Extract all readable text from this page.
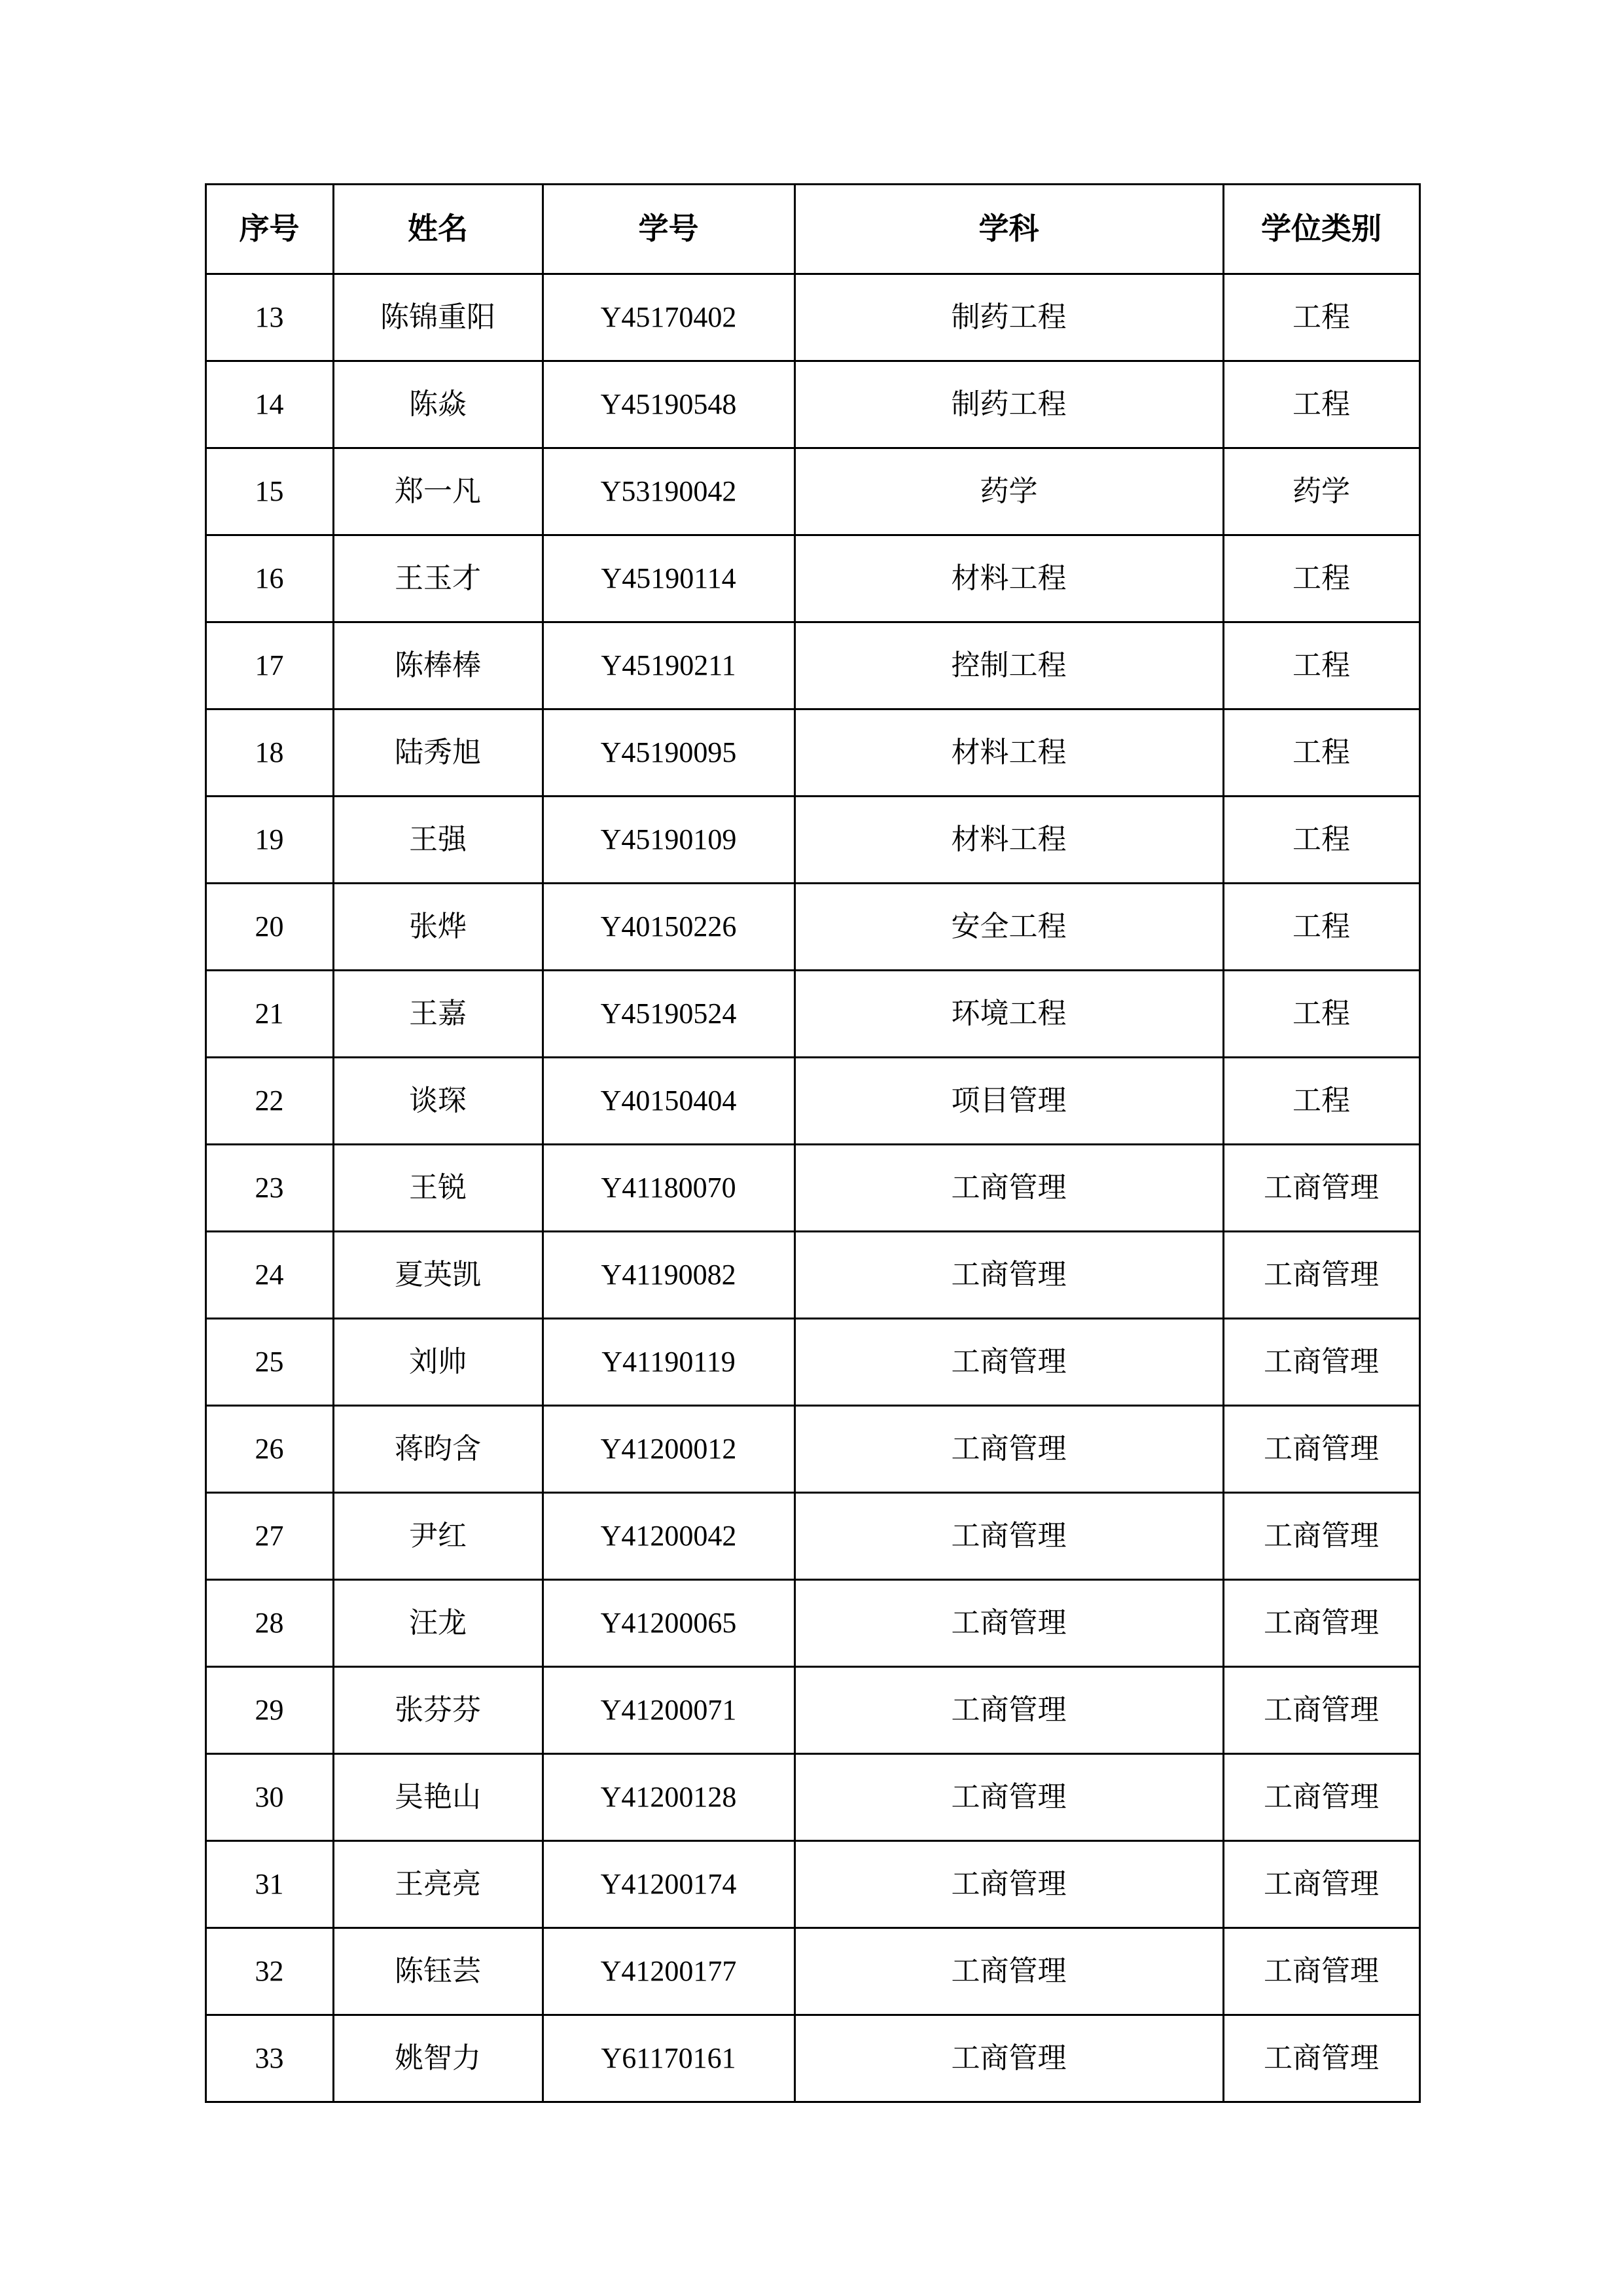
序号	姓名	学号	学科	学位类别
13	陈锦重阳	Y45170402	制药工程	工程
14	陈焱	Y45190548	制药工程	工程
15	郑一凡	Y53190042	药学	药学
16	王玉才	Y45190114	材料工程	工程
17	陈棒棒	Y45190211	控制工程	工程
18	陆秀旭	Y45190095	材料工程	工程
19	王强	Y45190109	材料工程	工程
20	张烨	Y40150226	安全工程	工程
21	王嘉	Y45190524	环境工程	工程
22	谈琛	Y40150404	项目管理	工程
23	王锐	Y41180070	工商管理	工商管理
24	夏英凯	Y41190082	工商管理	工商管理
25	刘帅	Y41190119	工商管理	工商管理
26	蒋昀含	Y41200012	工商管理	工商管理
27	尹红	Y41200042	工商管理	工商管理
28	汪龙	Y41200065	工商管理	工商管理
29	张芬芬	Y41200071	工商管理	工商管理
30	吴艳山	Y41200128	工商管理	工商管理
31	王亮亮	Y41200174	工商管理	工商管理
32	陈钰芸	Y41200177	工商管理	工商管理
33	姚智力	Y61170161	工商管理	工商管理
